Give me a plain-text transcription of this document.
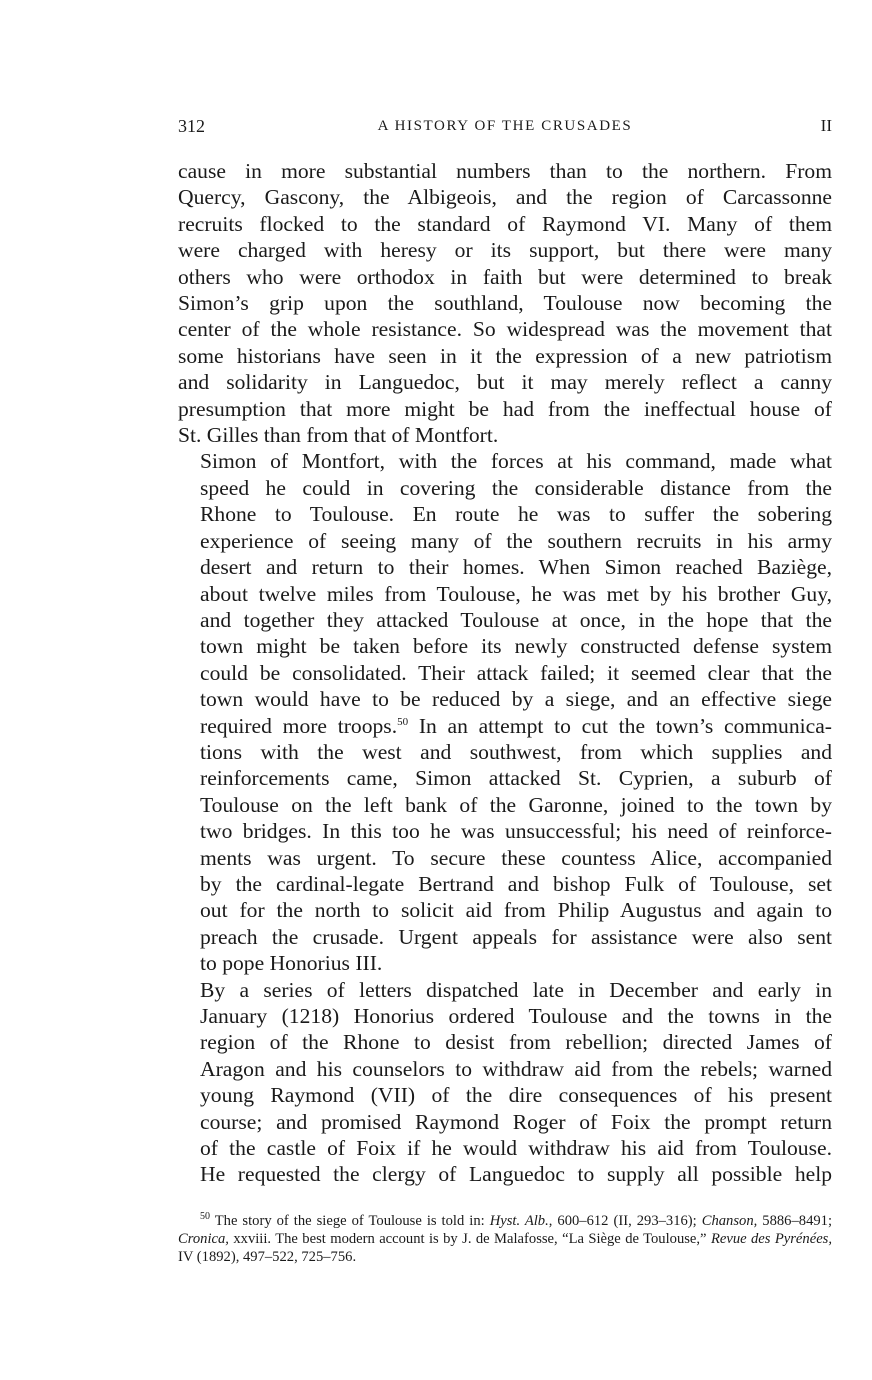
312	A HISTORY OF THE CRUSADES	II

cause in more substantial numbers than to the northern. From
Quercy, Gascony, the Albigeois, and the region of Carcassonne
recruits flocked to the standard of Raymond VI. Many of them
were charged with heresy or its support, but there were many
others who were orthodox in faith but were determined to break
Simon’s grip upon the southland, Toulouse now becoming the
center of the whole resistance. So widespread was the movement that
some historians have seen in it the expression of a new patriotism
and solidarity in Languedoc, but it may merely reflect a canny
presumption that more might be had from the ineffectual house of
St. Gilles than from that of Montfort.

Simon of Montfort, with the forces at his command, made what
speed he could in covering the considerable distance from the
Rhone to Toulouse. En route he was to suffer the sobering
experience of seeing many of the southern recruits in his army
desert and return to their homes. When Simon reached Baziège,
about twelve miles from Toulouse, he was met by his brother Guy,
and together they attacked Toulouse at once, in the hope that the
town might be taken before its newly constructed defense system
could be consolidated. Their attack failed; it seemed clear that the
town would have to be reduced by a siege, and an effective siege
required more troops.$^{50}$ In an attempt to cut the town’s communica-
tions with the west and southwest, from which supplies and
reinforcements came, Simon attacked St. Cyprien, a suburb of
Toulouse on the left bank of the Garonne, joined to the town by
two bridges. In this too he was unsuccessful; his need of reinforce-
ments was urgent. To secure these countess Alice, accompanied
by the cardinal-legate Bertrand and bishop Fulk of Toulouse, set
out for the north to solicit aid from Philip Augustus and again to
preach the crusade. Urgent appeals for assistance were also sent
to pope Honorius III.

By a series of letters dispatched late in December and early in
January (1218) Honorius ordered Toulouse and the towns in the
region of the Rhone to desist from rebellion; directed James of
Aragon and his counselors to withdraw aid from the rebels; warned
young Raymond (VII) of the dire consequences of his present
course; and promised Raymond Roger of Foix the prompt return
of the castle of Foix if he would withdraw his aid from Toulouse.
He requested the clergy of Languedoc to supply all possible help

$^{50}$ The story of the siege of Toulouse is told in: Hyst. Alb., 600–612 (II, 293–316); Chanson, 5886–8491; Cronica, xxviii. The best modern account is by J. de Malafosse, “La Siège de Toulouse,” Revue des Pyrénées, IV (1892), 497–522, 725–756.
